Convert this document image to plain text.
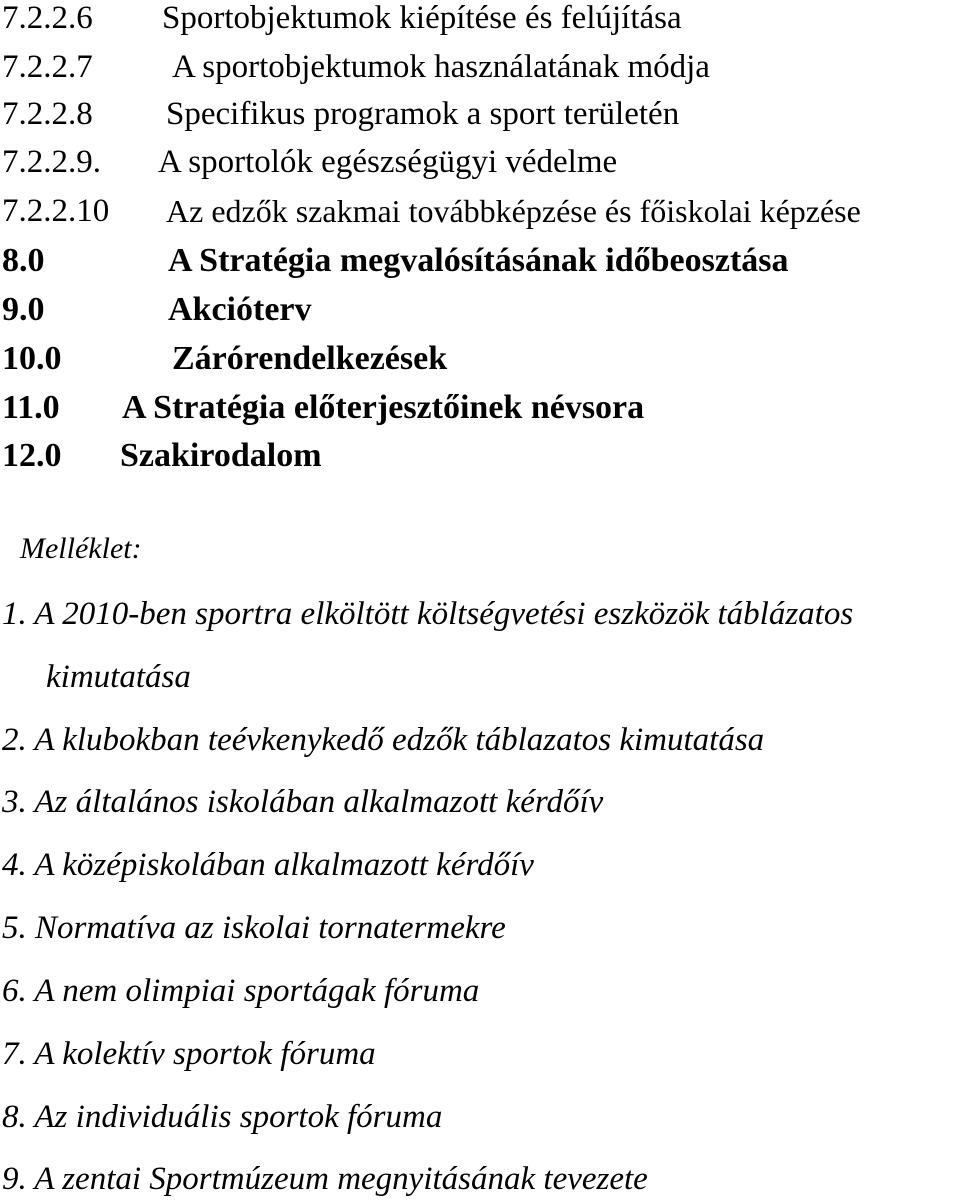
7.2.2.6 Sportobjektumok kiépítése és felújítása
7.2.2.7 A sportobjektumok használatának módja
7.2.2.8 Specifikus programok a sport területén
7.2.2.9. A sportolók egészségügyi védelme
7.2.2.10 Az edzők szakmai továbbképzése és főiskolai képzése
8.0	A Stratégia megvalósításának időbeosztása
9.0	Akcióterv
10.0	Zárórendelkezések
11.0 A Stratégia előterjesztőinek névsora
12.0 Szakirodalom
Melléklet:
1. A 2010-ben sportra elköltött költségvetési eszközök táblázatos
kimutatása
2. A klubokban teévkenykedő edzők táblazatos kimutatása
3. Az általános iskolában alkalmazott kérdőív
4. A középiskolában alkalmazott kérdőív
5. Normatíva az iskolai tornatermekre
6. A nem olimpiai sportágak fóruma
7. A kolektív sportok fóruma
8. Az individuális sportok fóruma
9. A zentai Sportmúzeum megnyitásának tevezete
